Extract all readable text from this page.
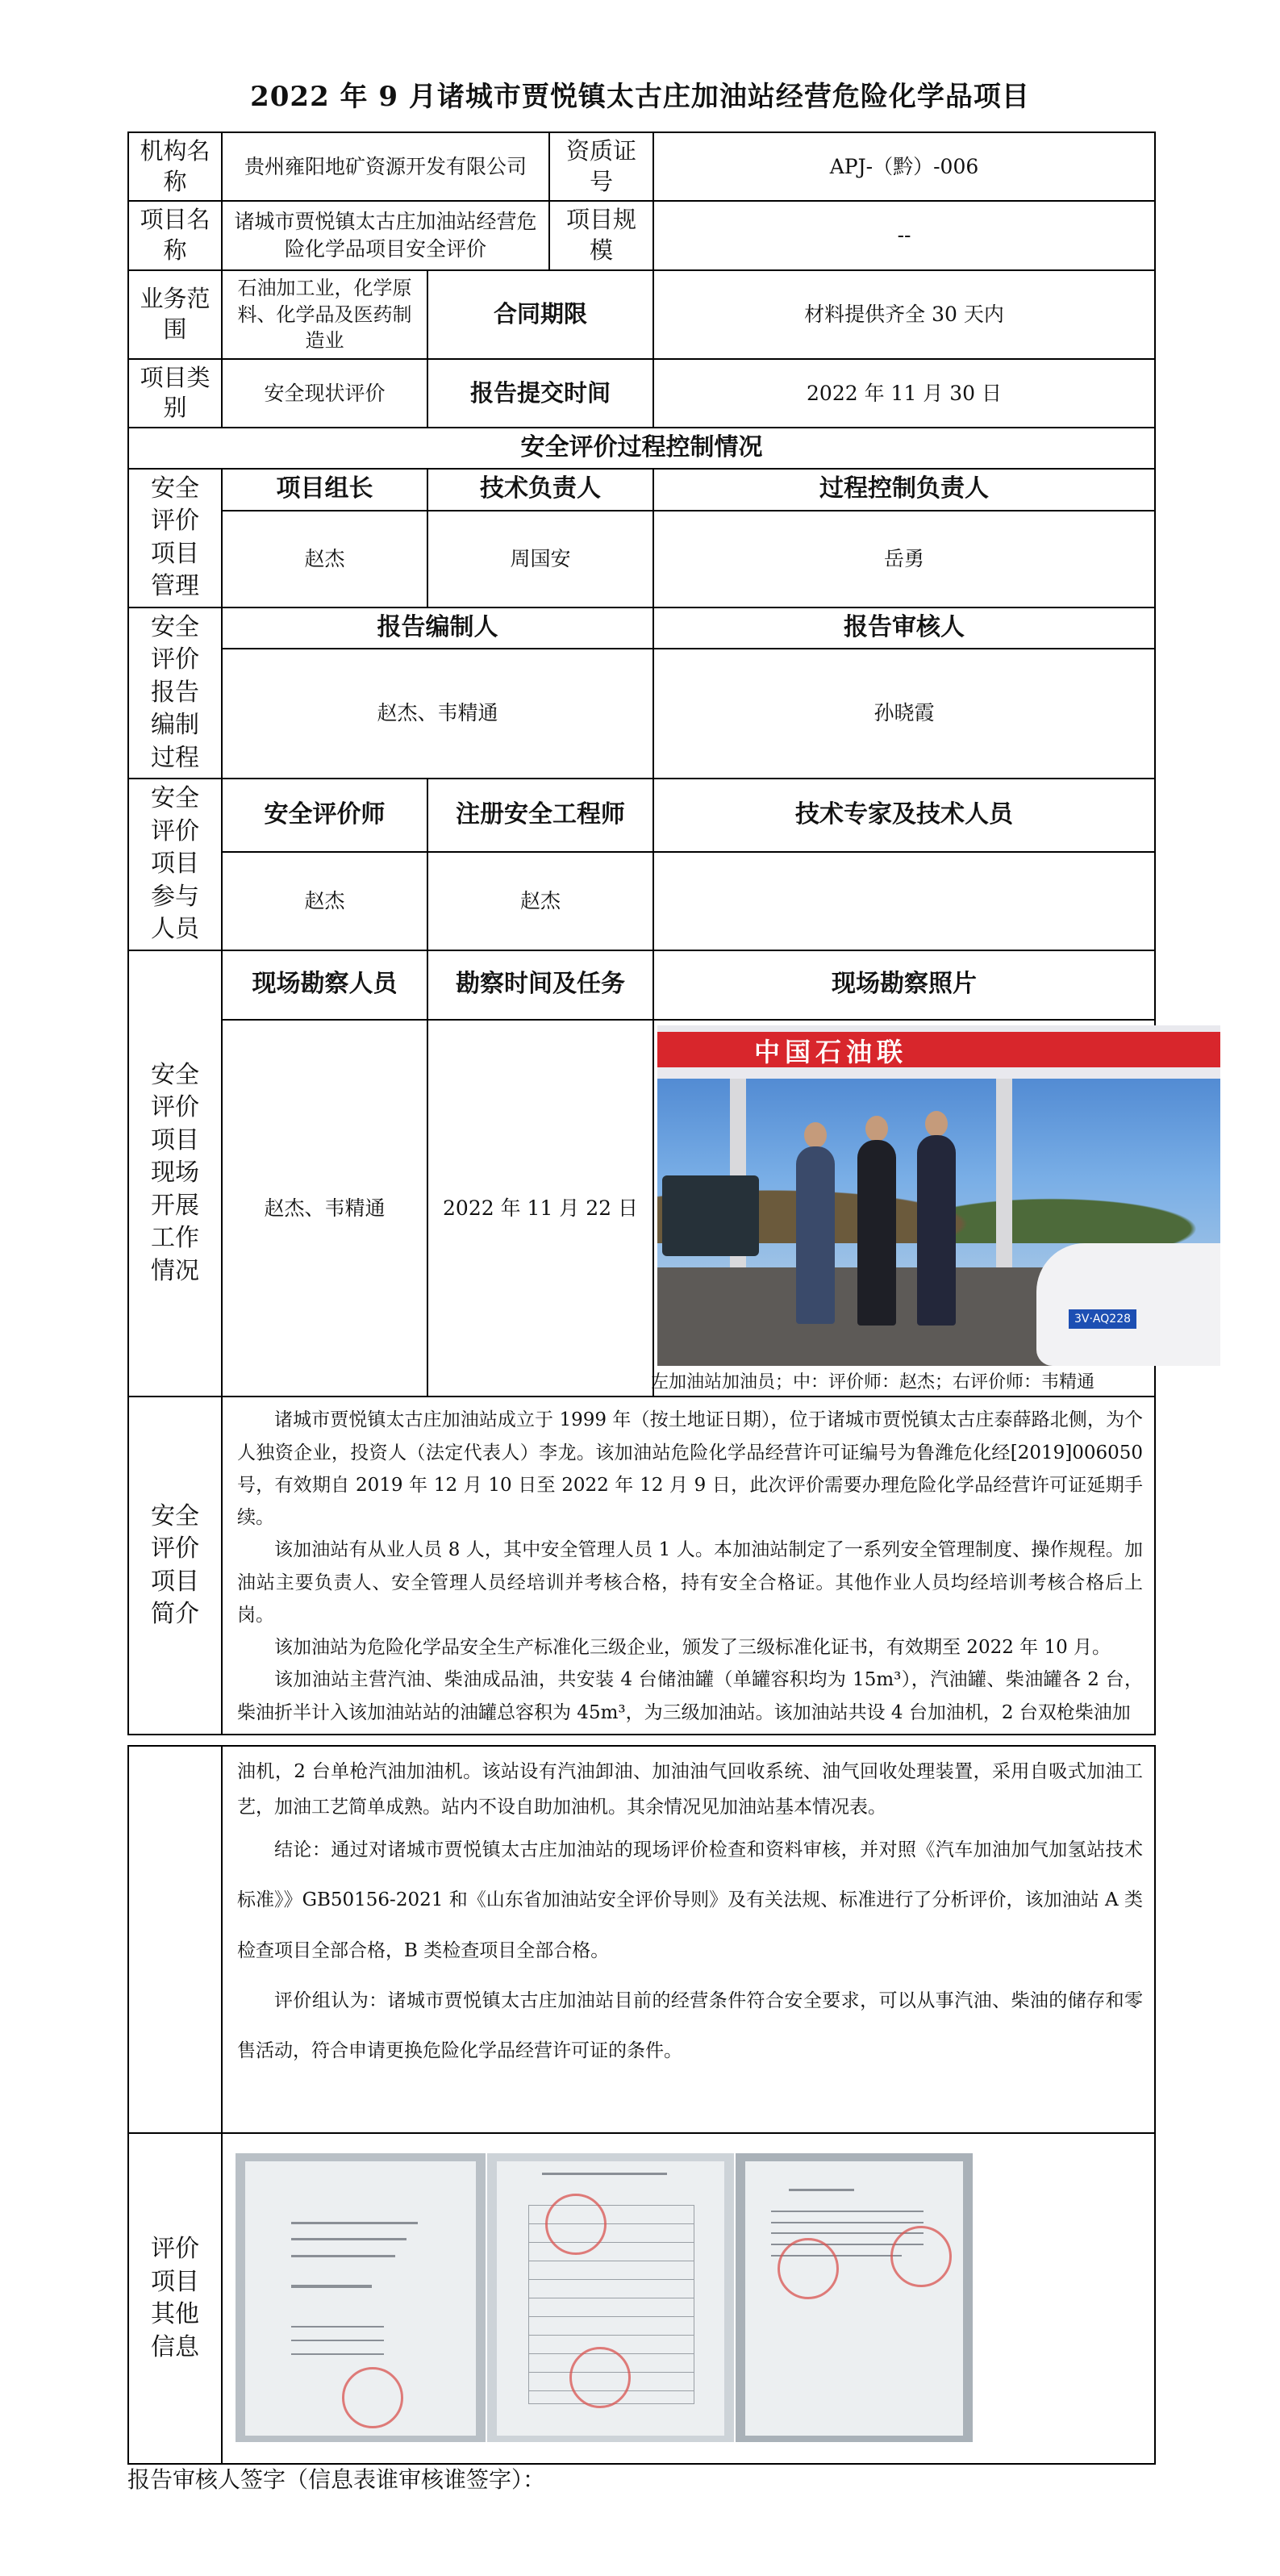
2022 年 9 月诸城市贾悦镇太古庄加油站经营危险化学品项目
机构名称	贵州雍阳地矿资源开发有限公司		资质证号	APJ-（黔）-006
项目名称	诸城市贾悦镇太古庄加油站经营危险化学品项目安全评价		项目规模	--
业务范围	石油加工业，化学原料、化学品及医药制造业	合同期限		材料提供齐全 30 天内
项目类别	安全现状评价	报告提交时间		2022 年 11 月 30 日
安全评价过程控制情况				

安全评价项目管理	项目组长	技术负责人		过程控制负责人
	赵杰	周国安		岳勇

安全评价报告编制过程	报告编制人			报告审核人
	赵杰、韦精通			孙晓霞

安全评价项目参与人员	安全评价师	注册安全工程师		技术专家及技术人员
	赵杰	赵杰		

安全评价项目现场开展工作情况	现场勘察人员	勘察时间及任务		现场勘察照片
	赵杰、韦精通	2022 年 11 月 22 日		中国石油联
3V·AQ228
左加油站加油员；中：评价师：赵杰；右评价师：韦精通

安全评价项目简介	诸城市贾悦镇太古庄加油站成立于 1999 年（按土地证日期），位于诸城市贾悦镇太古庄泰薛路北侧，为个人独资企业，投资人（法定代表人）李龙。该加油站危险化学品经营许可证编号为鲁潍危化经[2019]006050 号，有效期自 2019 年 12 月 10 日至 2022 年 12 月 9 日，此次评价需要办理危险化学品经营许可证延期手续。

该加油站有从业人员 8 人，其中安全管理人员 1 人。本加油站制定了一系列安全管理制度、操作规程。加油站主要负责人、安全管理人员经培训并考核合格，持有安全合格证。其他作业人员均经培训考核合格后上岗。

该加油站为危险化学品安全生产标准化三级企业，颁发了三级标准化证书，有效期至 2022 年 10 月。

该加油站主营汽油、柴油成品油，共安装 4 台储油罐（单罐容积均为 15m³），汽油罐、柴油罐各 2 台，柴油折半计入该加油站站的油罐总容积为 45m³，为三级加油站。该加油站共设 4 台加油机，2 台双枪柴油加			

	油机，2 台单枪汽油加油机。该站设有汽油卸油、加油油气回收系统、油气回收处理装置，采用自吸式加油工艺，加油工艺简单成熟。站内不设自助加油机。其余情况见加油站基本情况表。

结论：通过对诸城市贾悦镇太古庄加油站的现场评价检查和资料审核，并对照《汽车加油加气加氢站技术标准》》GB50156-2021 和《山东省加油站安全评价导则》及有关法规、标准进行了分析评价，该加油站 A 类检查项目全部合格，B 类检查项目全部合格。

评价组认为：诸城市贾悦镇太古庄加油站目前的经营条件符合安全要求，可以从事汽油、柴油的储存和零售活动，符合申请更换危险化学品经营许可证的条件。

评价项目其他信息	

报告审核人签字（信息表谁审核谁签字）：
